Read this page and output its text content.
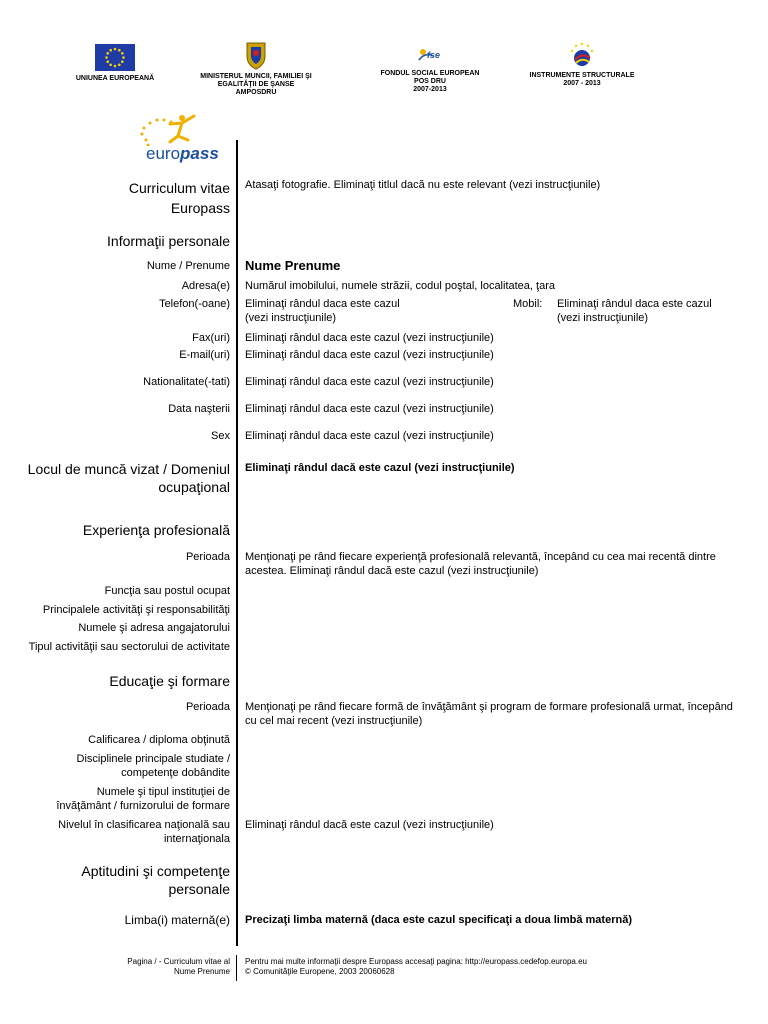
UNIUNEA EUROPEANĂ	MINISTERUL MUNCII, FAMILIEI ŞI
EGALITĂŢII DE ŞANSE
AMPOSDRU
fse
FONDUL SOCIAL EUROPEAN
POS DRU
2007-2013
INSTRUMENTE STRUCTURALE
2007 - 2013
europass
Curriculum vitae
Europass
Atasaţi fotografie. Eliminaţi titlul dacă nu este relevant (vezi instrucţiunile)
Informaţii personale
Nume / Prenume Nume Prenume
Adresa(e) Numărul imobilului, numele străzii, codul poştal, localitatea, ţara
Telefon(-oane) Eliminaţi rândul daca este cazul
(vezi instrucţiunile)
Mobil: Eliminaţi rândul daca este cazul
(vezi instrucţiunile)
Fax(uri) Eliminaţi rândul daca este cazul (vezi instrucţiunile)
E-mail(uri) Eliminaţi rândul daca este cazul (vezi instrucţiunile)
Nationalitate(-tati) Eliminaţi rândul daca este cazul (vezi instrucţiunile)
Data naşterii Eliminaţi rândul daca este cazul (vezi instrucţiunile)
Sex Eliminaţi rândul daca este cazul (vezi instrucţiunile)
Locul de muncă vizat / Domeniul
ocupaţional
Eliminaţi rândul dacă este cazul (vezi instrucţiunile)
Experienţa profesională
Perioada Menţionaţi pe rând fiecare experienţă profesională relevantă, începând cu cea mai recentă dintre
acestea. Eliminaţi rândul dacă este cazul (vezi instrucţiunile)
Funcţia sau postul ocupat
Principalele activităţi şi responsabilităţi
Numele şi adresa angajatorului
Tipul activităţii sau sectorului de activitate
Educaţie şi formare
Perioada Menţionaţi pe rând fiecare formă de învăţământ şi program de formare profesională urmat, începând
cu cel mai recent (vezi instrucţiunile)
Calificarea / diploma obţinută
Disciplinele principale studiate /
competenţe dobândite
Numele şi tipul instituţiei de
învăţământ / furnizorului de formare
Nivelul în clasificarea naţională sau
internaţionala
Eliminaţi rândul dacă este cazul (vezi instrucţiunile)
Aptitudini şi competenţe
personale
Limba(i) maternă(e) Precizaţi limba maternă (daca este cazul specificaţi a doua limbă maternă)
Pagina / - Curriculum vitae al
Nume Prenume
Pentru mai multe informaţii despre Europass accesaţi pagina: http://europass.cedefop.europa.eu
© Comunităţile Europene, 2003 20060628
